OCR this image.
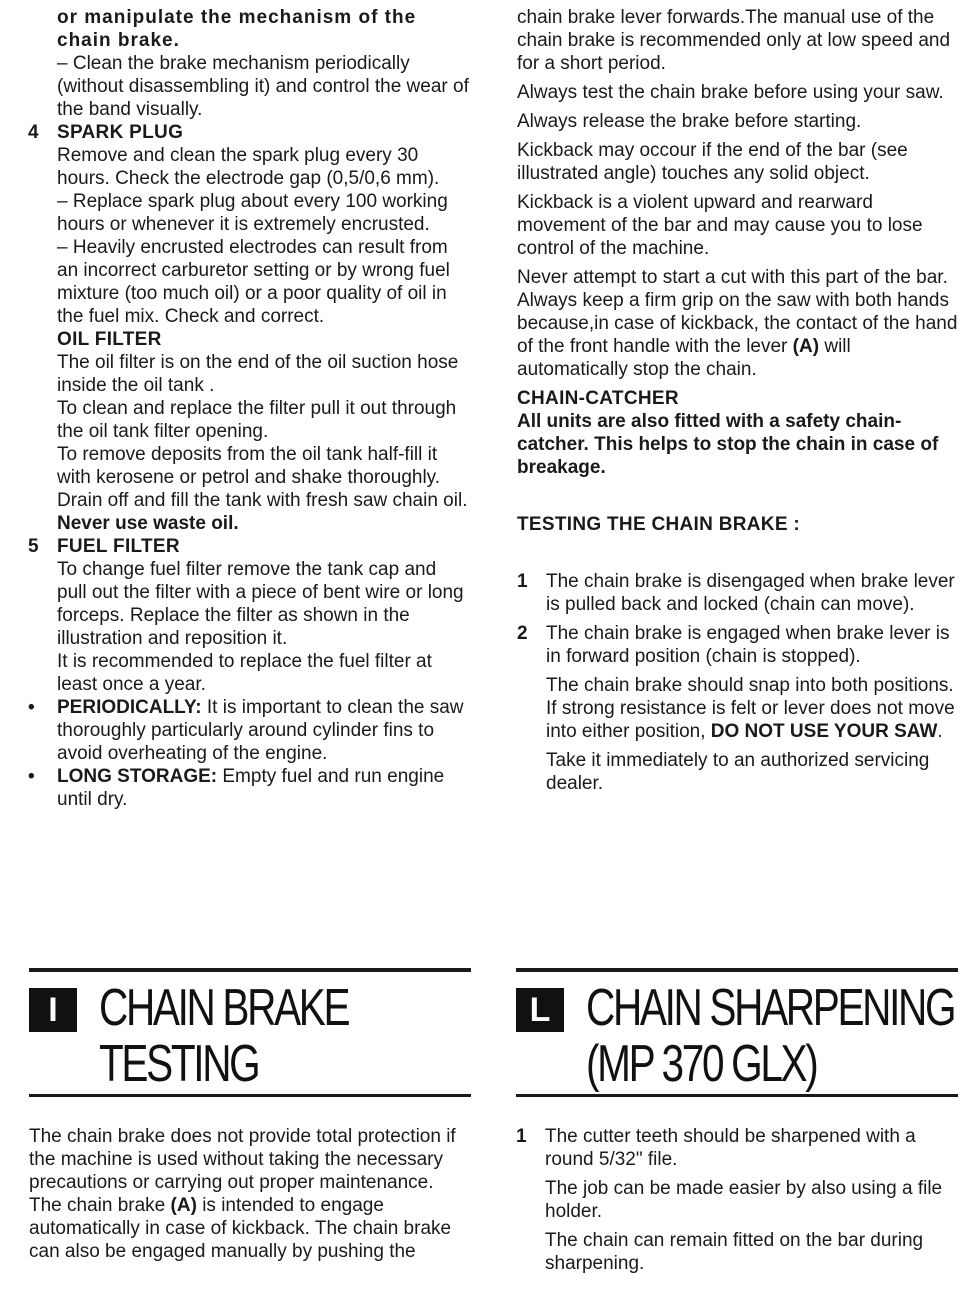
or manipulate the mechanism of the chain brake.

– Clean the brake mechanism periodically (without disassembling it) and control the wear of the band visually.

4 SPARK PLUG

Remove and clean the spark plug every 30 hours. Check the electrode gap (0,5/0,6 mm).

– Replace spark plug about every 100 working hours or whenever it is extremely encrusted.

– Heavily encrusted electrodes can result from an incorrect carburetor setting or by wrong fuel mixture (too much oil) or a poor quality of oil in the fuel mix. Check and correct.

OIL FILTER

The oil filter is on the end of the oil suction hose inside the oil tank .

To clean and replace the filter pull it out through the oil tank filter opening.

To remove deposits from the oil tank half-fill it with kerosene or petrol and shake thoroughly. Drain off and fill the tank with fresh saw chain oil.

Never use waste oil.

5 FUEL FILTER

To change fuel filter remove the tank cap and pull out the filter with a piece of bent wire or long forceps. Replace the filter as shown in the illustration and reposition it.

It is recommended to replace the fuel filter at least once a year.

•	PERIODICALLY: It is important to clean the saw thoroughly particularly around cylinder fins to avoid overheating of the engine.

•	LONG STORAGE: Empty fuel and run engine until dry.

chain brake lever forwards.The manual use of the chain brake is recommended only at low speed and for a short period.

Always test the chain brake before using your saw.

Always release the brake before starting.

Kickback may occour if the end of the bar (see illustrated angle) touches any solid object.

Kickback is a violent upward and rearward movement of the bar and may cause you to lose control of the machine.

Never attempt to start a cut with this part of the bar. Always keep a firm grip on the saw with both hands because,in case of kickback, the contact of the hand of the front handle with the lever (A) will automatically stop the chain.

CHAIN-CATCHER

All units are also fitted with a safety chain-catcher. This helps to stop the chain in case of breakage.

TESTING THE CHAIN BRAKE :

1 The chain brake is disengaged when brake lever is pulled back and locked (chain can move).

2 The chain brake is engaged when brake lever is in forward position (chain is stopped).

The chain brake should snap into both positions.

If strong resistance is felt or lever does not move into either position, DO NOT USE YOUR SAW.

Take it immediately to an authorized servicing dealer.

I CHAIN BRAKE
TESTING

The chain brake does not provide total protection if the machine is used without taking the necessary precautions or carrying out proper maintenance.

The chain brake (A) is intended to engage automatically in case of kickback. The chain brake can also be engaged manually by pushing the

L CHAIN SHARPENING
(MP 370 GLX)
1 The cutter teeth should be sharpened with a round 5/32" file.

The job can be made easier by also using a file holder.

The chain can remain fitted on the bar during sharpening.
